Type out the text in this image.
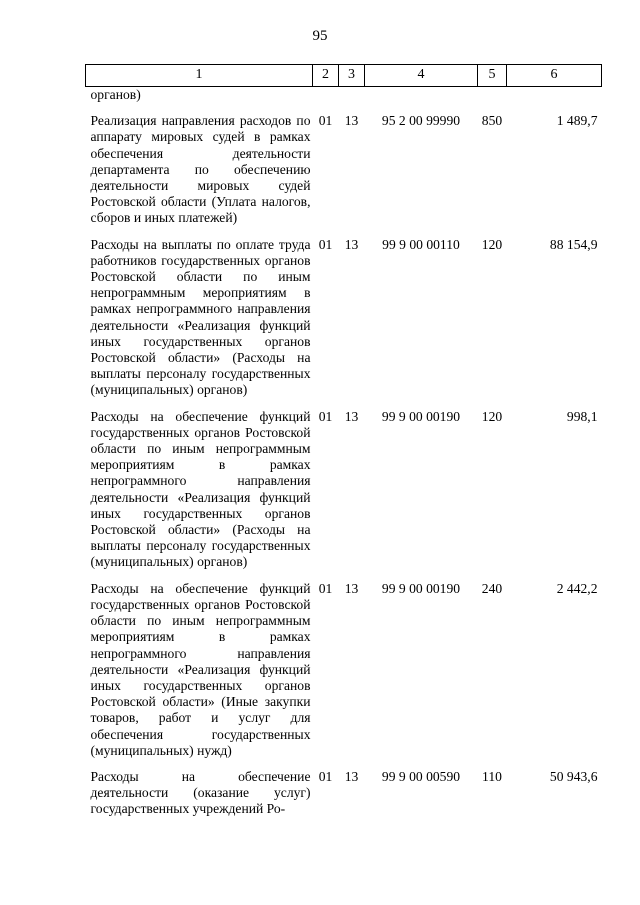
95
1	2	3	4	5	6
органов)					
Реализация направления расходов по аппарату мировых судей в рамках обеспечения деятельности департамента по обеспечению деятельности мировых судей Ростовской области (Уплата налогов, сборов и иных платежей)	01	13	95 2 00 99990	850	1 489,7
Расходы на выплаты по оплате труда работников государственных органов Ростовской области по иным непрограммным мероприятиям в рамках непрограммного направления деятельности «Реализация функций иных государственных органов Ростовской области» (Расходы на выплаты персоналу государственных (муниципальных) органов)	01	13	99 9 00 00110	120	88 154,9
Расходы на обеспечение функций государственных органов Ростовской области по иным непрограммным мероприятиям в рамках непрограммного направления деятельности «Реализация функций иных государственных органов Ростовской области» (Расходы на выплаты персоналу государственных (муниципальных) органов)	01	13	99 9 00 00190	120	998,1
Расходы на обеспечение функций государственных органов Ростовской области по иным непрограммным мероприятиям в рамках непрограммного направления деятельности «Реализация функций иных государственных органов Ростовской области» (Иные закупки товаров, работ и услуг для обеспечения государственных (муниципальных) нужд)	01	13	99 9 00 00190	240	2 442,2
Расходы на обеспечение деятельности (оказание услуг) государственных учреждений Ро-	01	13	99 9 00 00590	110	50 943,6
